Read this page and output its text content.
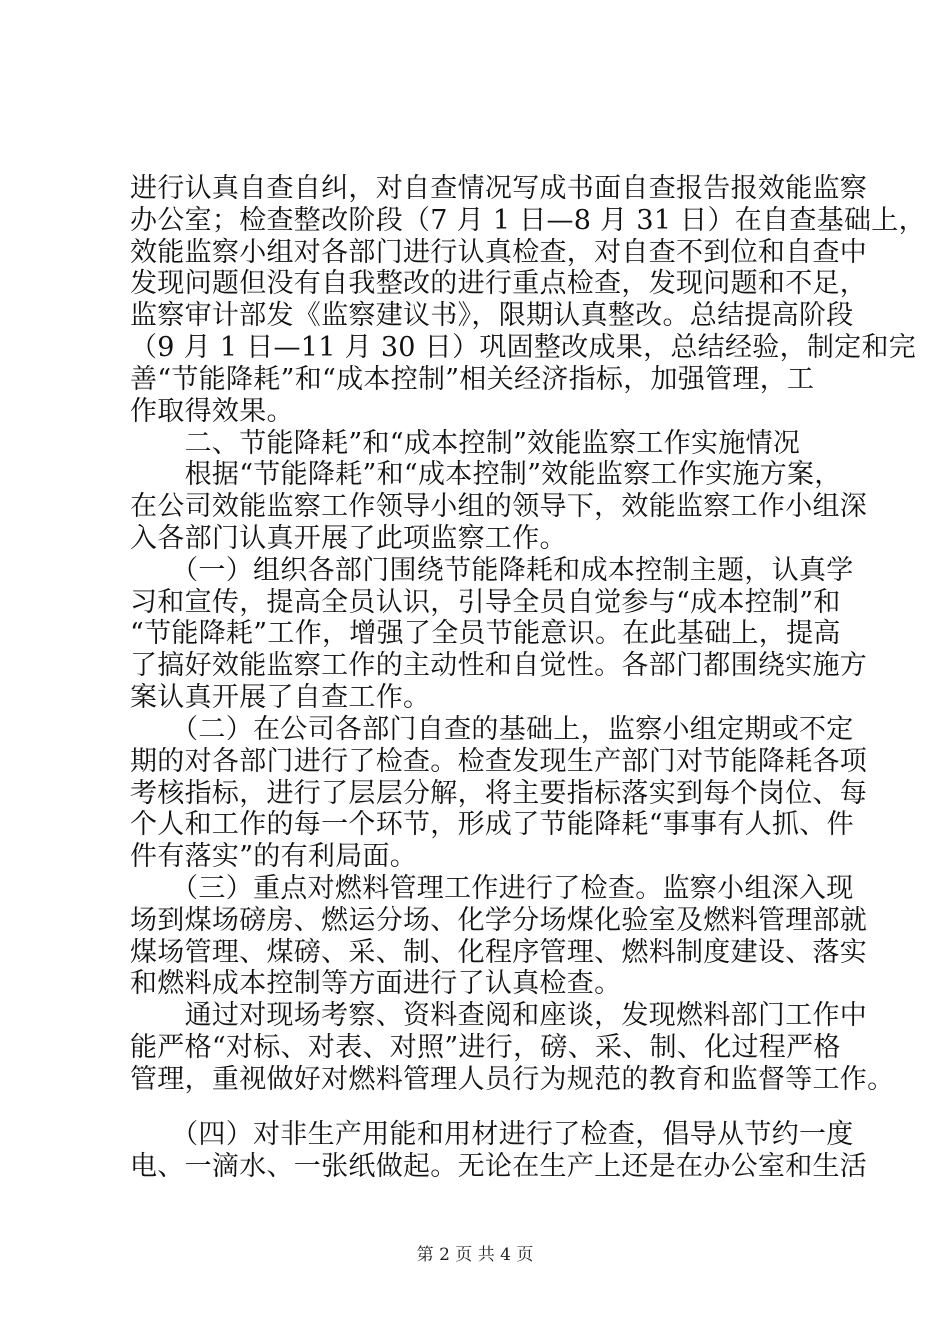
进行认真自查自纠，对自查情况写成书面自查报告报效能监察
办公室；检查整改阶段（7 月 1 日—8 月 31 日）在自查基础上，
效能监察小组对各部门进行认真检查，对自查不到位和自查中
发现问题但没有自我整改的进行重点检查，发现问题和不足，
监察审计部发《监察建议书》，限期认真整改。总结提高阶段
（9 月 1 日—11 月 30 日）巩固整改成果，总结经验，制定和完
善“节能降耗”和“成本控制”相关经济指标，加强管理，工
作取得效果。
　　二、节能降耗”和“成本控制”效能监察工作实施情况
　　根据“节能降耗”和“成本控制”效能监察工作实施方案，
在公司效能监察工作领导小组的领导下，效能监察工作小组深
入各部门认真开展了此项监察工作。
　　（一）组织各部门围绕节能降耗和成本控制主题，认真学
习和宣传，提高全员认识，引导全员自觉参与“成本控制”和
“节能降耗”工作，增强了全员节能意识。在此基础上，提高
了搞好效能监察工作的主动性和自觉性。各部门都围绕实施方
案认真开展了自查工作。
　　（二）在公司各部门自查的基础上，监察小组定期或不定
期的对各部门进行了检查。检查发现生产部门对节能降耗各项
考核指标，进行了层层分解，将主要指标落实到每个岗位、每
个人和工作的每一个环节，形成了节能降耗“事事有人抓、件
件有落实”的有利局面。
　　（三）重点对燃料管理工作进行了检查。监察小组深入现
场到煤场磅房、燃运分场、化学分场煤化验室及燃料管理部就
煤场管理、煤磅、采、制、化程序管理、燃料制度建设、落实
和燃料成本控制等方面进行了认真检查。
　　通过对现场考察、资料查阅和座谈，发现燃料部门工作中
能严格“对标、对表、对照”进行，磅、采、制、化过程严格
管理，重视做好对燃料管理人员行为规范的教育和监督等工作。
　　（四）对非生产用能和用材进行了检查，倡导从节约一度
电、一滴水、一张纸做起。无论在生产上还是在办公室和生活
第 2 页 共 4 页
